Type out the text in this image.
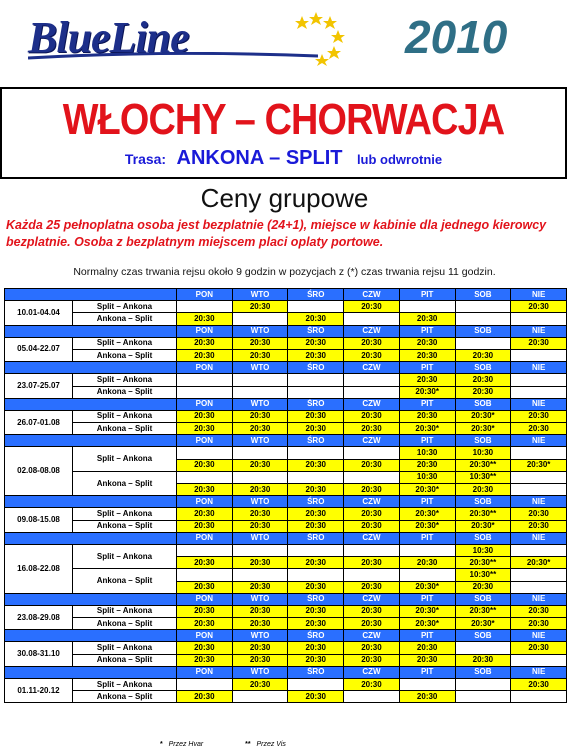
BlueLine	2010
WŁOCHY – CHORWACJA
Trasa: ANKONA – SPLIT lub odwrotnie
Ceny grupowe
Każda 25 pełnoplatna osoba jest bezplatnie (24+1), miejsce w kabinie dla jednego kierowcy bezplatnie. Osoba z bezplatnym miejscem placi oplaty portowe.
Normalny czas trwania rejsu około 9 godzin w pozycjach z (*) czas trwania rejsu 11 godzin.
		PON	WTO	ŚRO	CZW	PIT	SOB	NIE
10.01-04.04	Split – Ankona		20:30		20:30			20:30
	Ankona – Split	20:30		20:30		20:30		
		PON	WTO	ŚRO	CZW	PIT	SOB	NIE
05.04-22.07	Split – Ankona	20:30	20:30	20:30	20:30	20:30		20:30
	Ankona – Split	20:30	20:30	20:30	20:30	20:30	20:30	
		PON	WTO	ŚRO	CZW	PIT	SOB	NIE
23.07-25.07	Split – Ankona					20:30	20:30	
	Ankona – Split					20:30*	20:30	
		PON	WTO	ŚRO	CZW	PIT	SOB	NIE
26.07-01.08	Split – Ankona	20:30	20:30	20:30	20:30	20:30	20:30*	20:30
	Ankona – Split	20:30	20:30	20:30	20:30	20:30*	20:30*	20:30
		PON	WTO	ŚRO	CZW	PIT	SOB	NIE
02.08-08.08	Split – Ankona					10:30	10:30	
		20:30	20:30	20:30	20:30	20:30	20:30**	20:30*
	Ankona – Split					10:30	10:30**	
		20:30	20:30	20:30	20:30	20:30*	20:30	
		PON	WTO	ŚRO	CZW	PIT	SOB	NIE
09.08-15.08	Split – Ankona	20:30	20:30	20:30	20:30	20:30*	20:30**	20:30
	Ankona – Split	20:30	20:30	20:30	20:30	20:30*	20:30*	20:30
		PON	WTO	ŚRO	CZW	PIT	SOB	NIE
16.08-22.08	Split – Ankona						10:30	
		20:30	20:30	20:30	20:30	20:30	20:30**	20:30*
	Ankona – Split						10:30**	
		20:30	20:30	20:30	20:30	20:30*	20:30	
		PON	WTO	ŚRO	CZW	PIT	SOB	NIE
23.08-29.08	Split – Ankona	20:30	20:30	20:30	20:30	20:30*	20:30**	20:30
	Ankona – Split	20:30	20:30	20:30	20:30	20:30*	20:30*	20:30
		PON	WTO	ŚRO	CZW	PIT	SOB	NIE
30.08-31.10	Split – Ankona	20:30	20:30	20:30	20:30	20:30		20:30
	Ankona – Split	20:30	20:30	20:30	20:30	20:30	20:30	
		PON	WTO	ŚRO	CZW	PIT	SOB	NIE
01.11-20.12	Split – Ankona		20:30		20:30			20:30
	Ankona – Split	20:30		20:30		20:30		
* Przez Hvar	** Przez Vis
